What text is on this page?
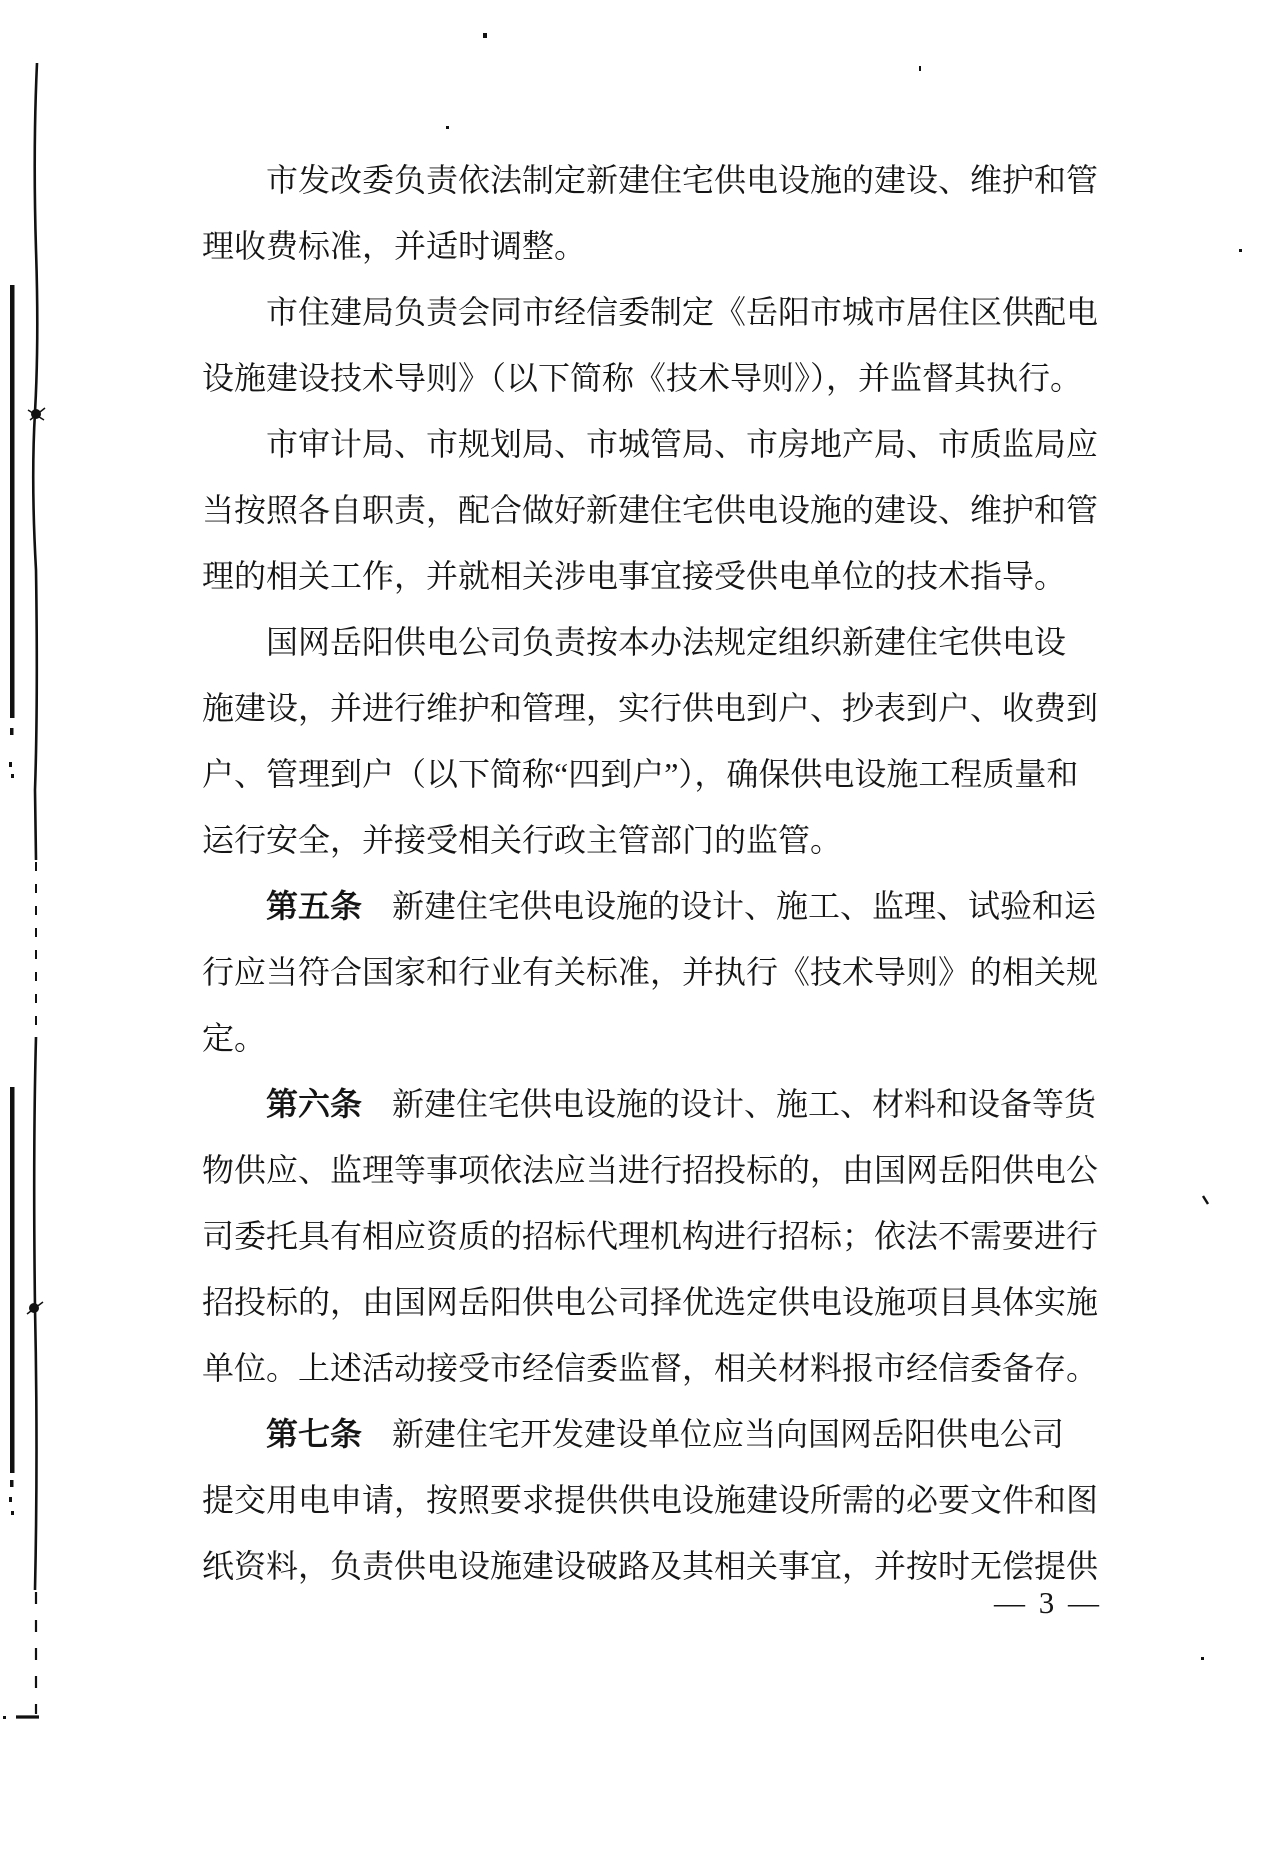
市发改委负责依法制定新建住宅供电设施的建设、维护和管
理收费标准，并适时调整。
市住建局负责会同市经信委制定《岳阳市城市居住区供配电
设施建设技术导则》（以下简称《技术导则》），并监督其执行。
市审计局、市规划局、市城管局、市房地产局、市质监局应
当按照各自职责，配合做好新建住宅供电设施的建设、维护和管
理的相关工作，并就相关涉电事宜接受供电单位的技术指导。
国网岳阳供电公司负责按本办法规定组织新建住宅供电设
施建设，并进行维护和管理，实行供电到户、抄表到户、收费到
户、管理到户（以下简称“四到户”），确保供电设施工程质量和
运行安全，并接受相关行政主管部门的监管。
第五条 新建住宅供电设施的设计、施工、监理、试验和运
行应当符合国家和行业有关标准，并执行《技术导则》的相关规
定。
第六条 新建住宅供电设施的设计、施工、材料和设备等货
物供应、监理等事项依法应当进行招投标的，由国网岳阳供电公
司委托具有相应资质的招标代理机构进行招标；依法不需要进行
招投标的，由国网岳阳供电公司择优选定供电设施项目具体实施
单位。上述活动接受市经信委监督，相关材料报市经信委备存。
第七条 新建住宅开发建设单位应当向国网岳阳供电公司
提交用电申请，按照要求提供供电设施建设所需的必要文件和图
纸资料，负责供电设施建设破路及其相关事宜，并按时无偿提供
— 3 —
